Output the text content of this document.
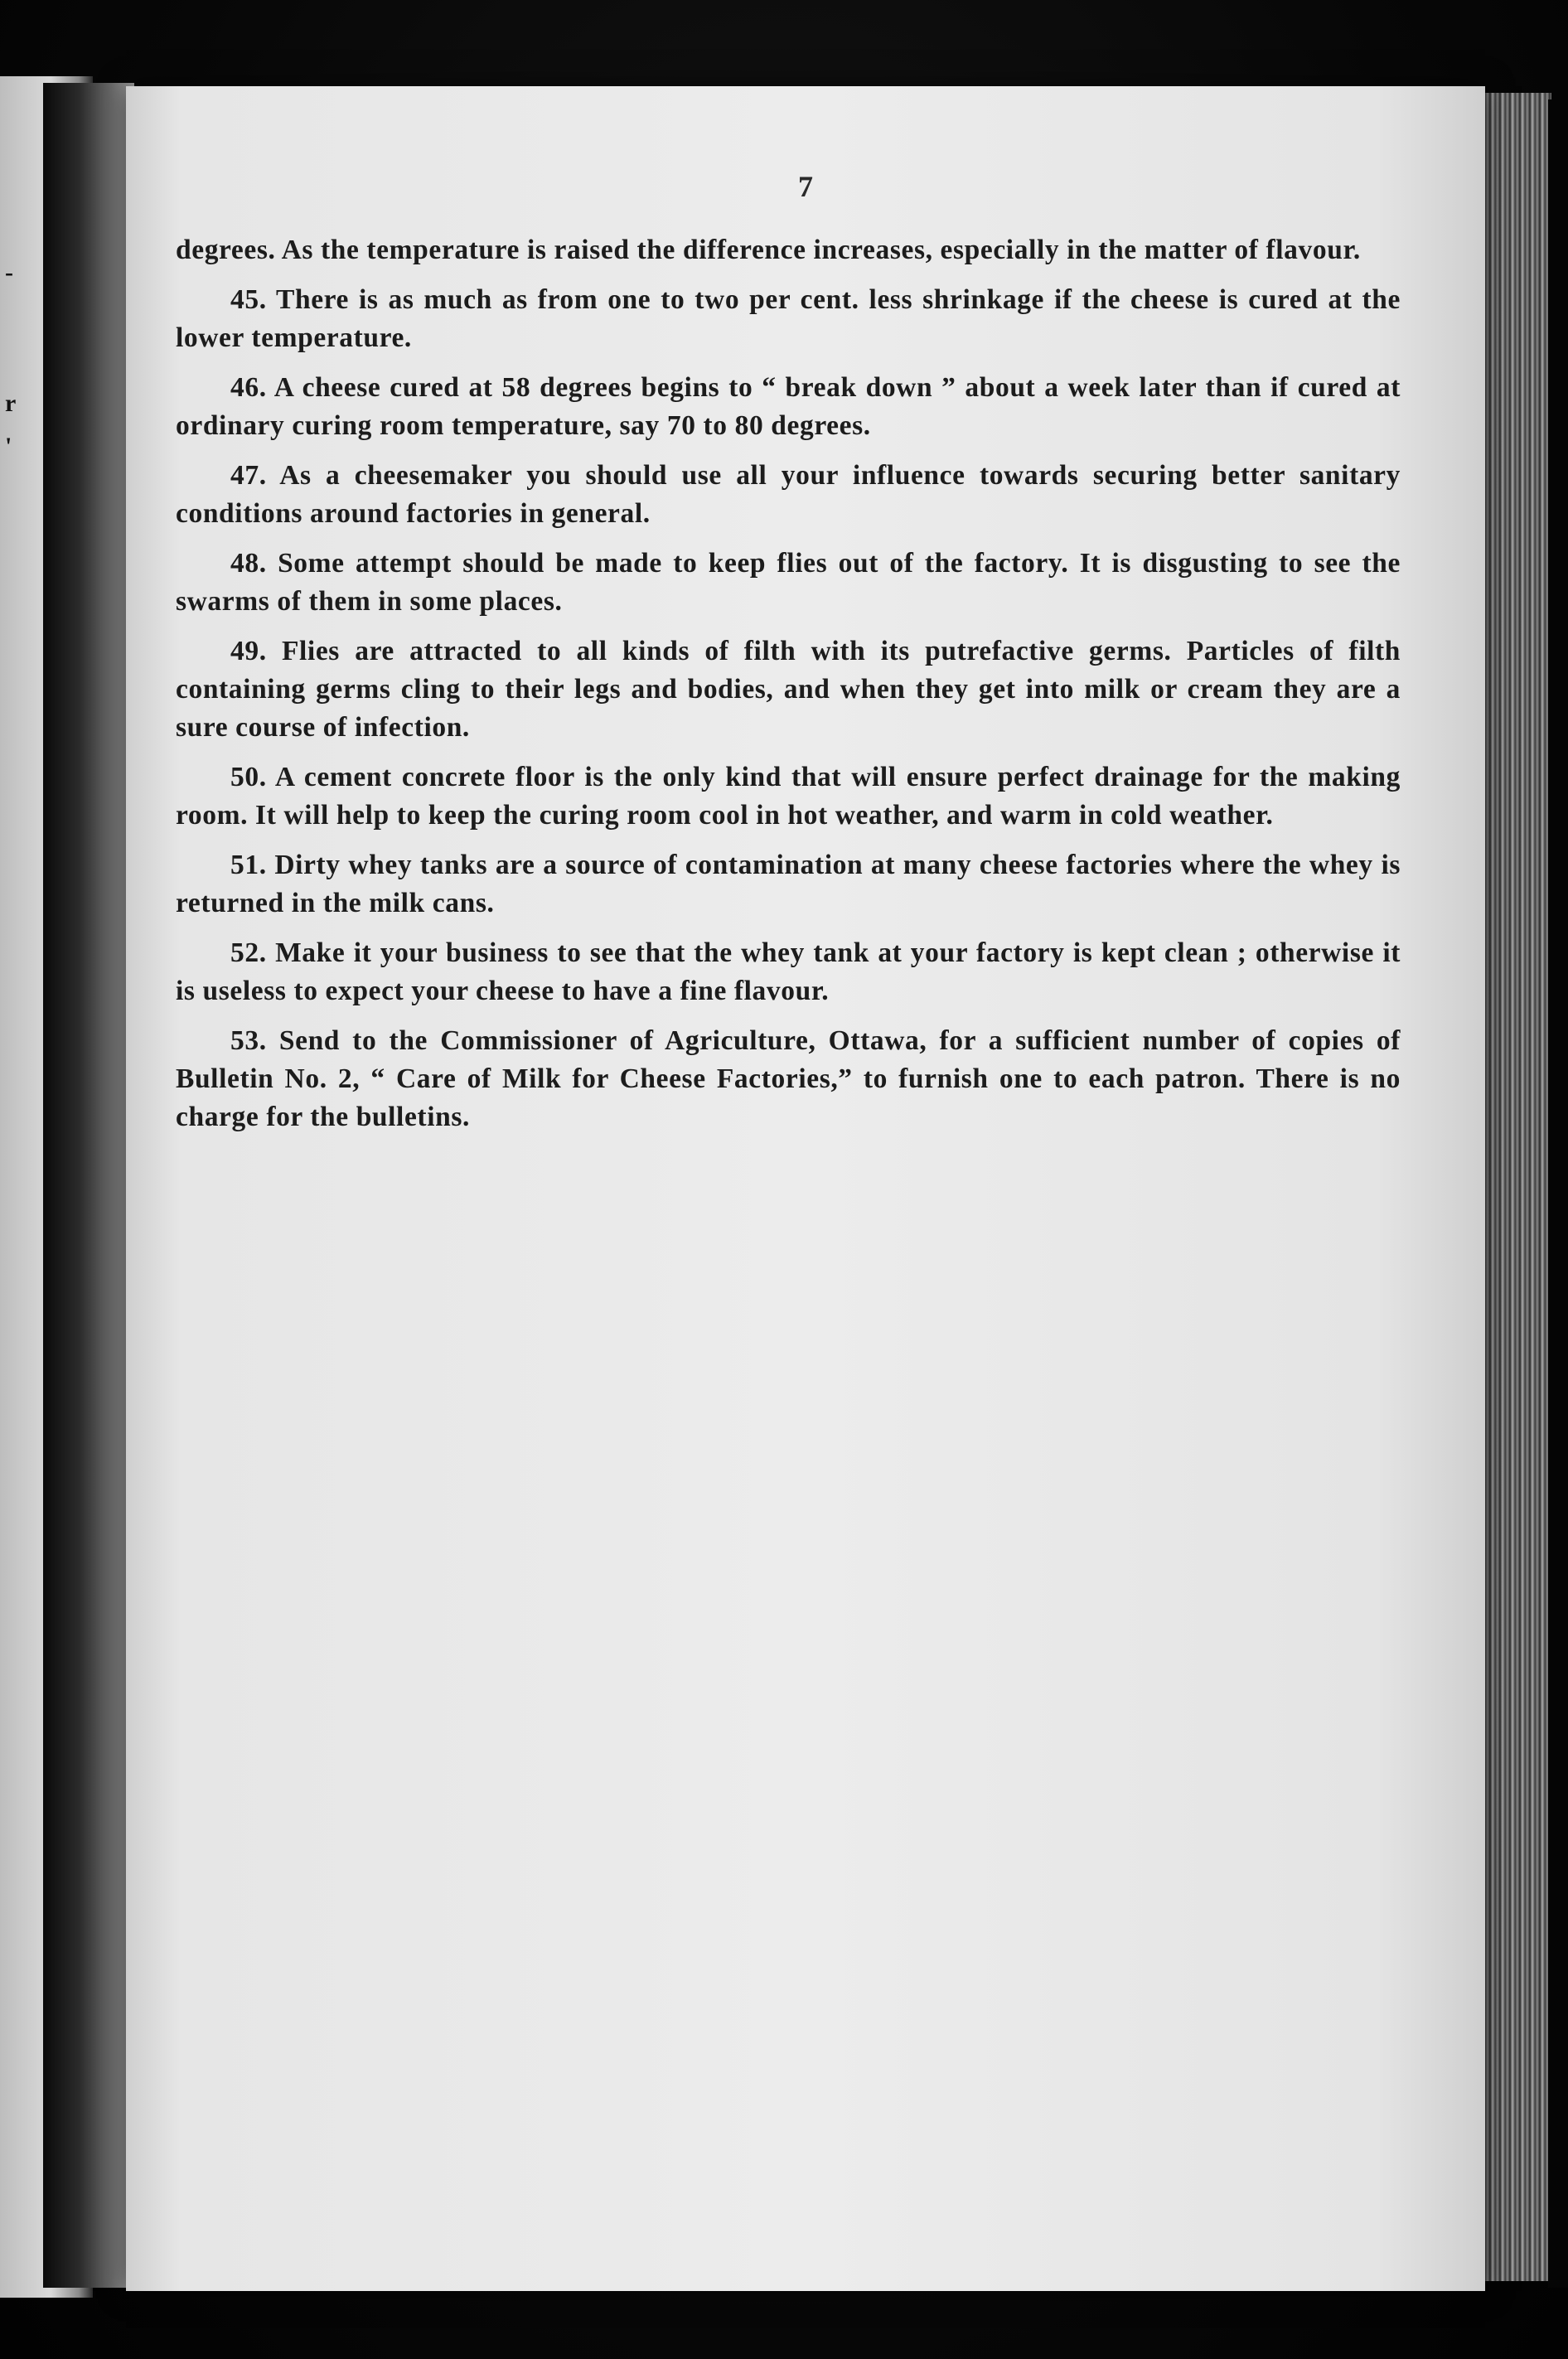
-
r
'
7

degrees. As the temperature is raised the difference increases, especially in the matter of flavour.

45. There is as much as from one to two per cent. less shrinkage if the cheese is cured at the lower temperature.

46. A cheese cured at 58 degrees begins to “ break down ” about a week later than if cured at ordinary curing room temperature, say 70 to 80 degrees.

47. As a cheesemaker you should use all your influence towards securing better sanitary conditions around factories in general.

48. Some attempt should be made to keep flies out of the factory. It is disgusting to see the swarms of them in some places.

49. Flies are attracted to all kinds of filth with its putrefactive germs. Particles of filth containing germs cling to their legs and bodies, and when they get into milk or cream they are a sure course of infection.

50. A cement concrete floor is the only kind that will ensure perfect drainage for the making room. It will help to keep the curing room cool in hot weather, and warm in cold weather.

51. Dirty whey tanks are a source of contamination at many cheese factories where the whey is returned in the milk cans.

52. Make it your business to see that the whey tank at your factory is kept clean ; otherwise it is useless to expect your cheese to have a fine flavour.

53. Send to the Commissioner of Agriculture, Ottawa, for a sufficient number of copies of Bulletin No. 2, “ Care of Milk for Cheese Factories,” to furnish one to each patron. There is no charge for the bulletins.
